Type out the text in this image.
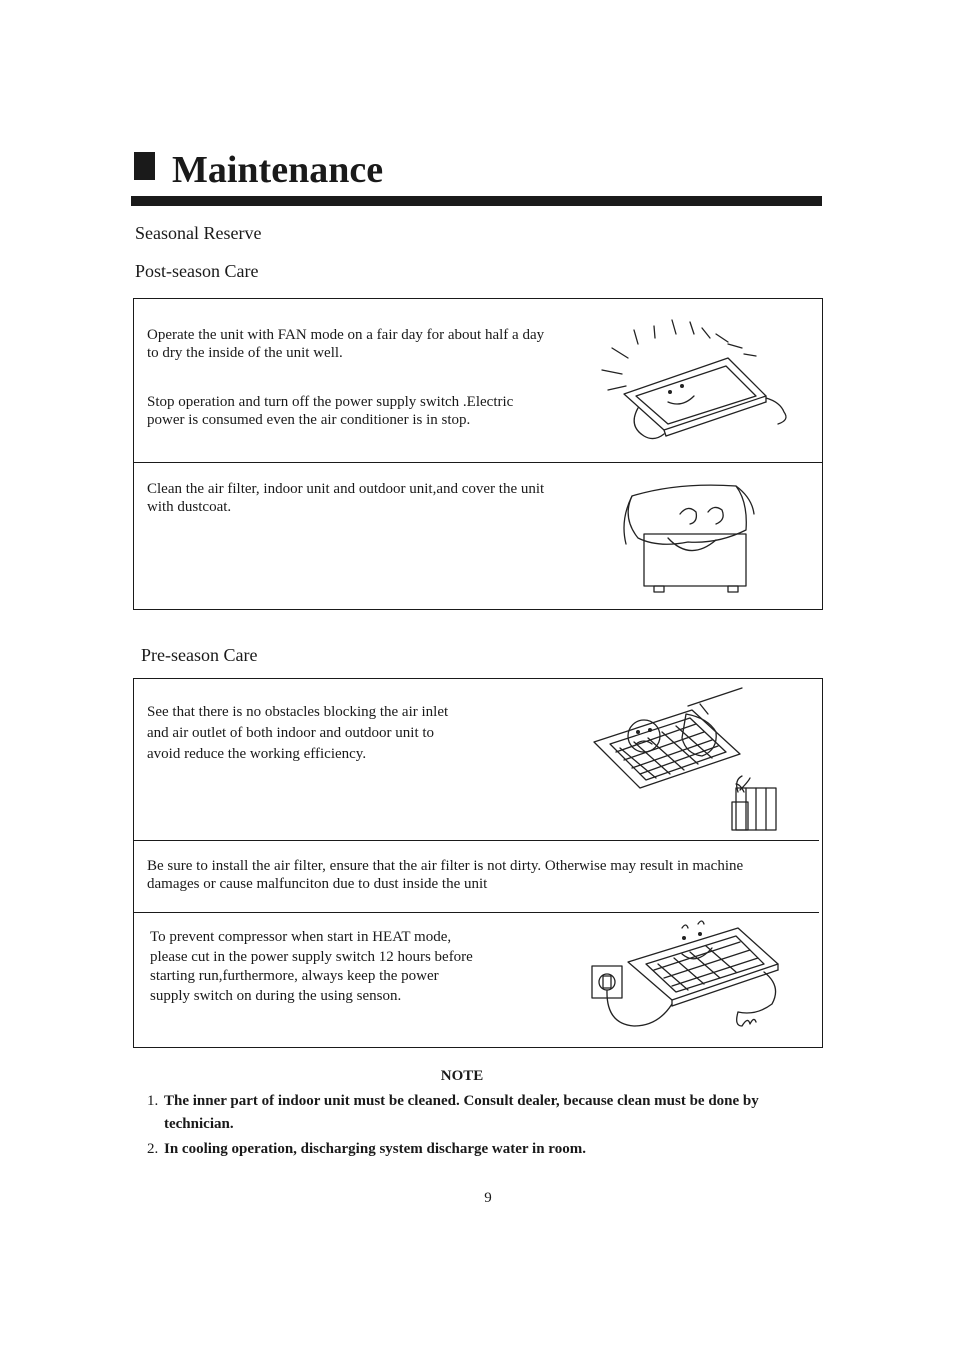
Maintenance
Seasonal Reserve
Post-season Care

Operate the unit with FAN mode on a fair day for about half a day to dry the inside of the unit well.

Stop operation and turn off the power supply switch .Electric power is consumed even the air conditioner is in stop.

Clean the air filter, indoor unit and outdoor unit,and cover the unit with dustcoat.

Pre-season Care
See that there is no obstacles blocking the air inlet and air outlet of both indoor and outdoor unit to avoid reduce the working efficiency.
Be sure to install the air filter, ensure that the air filter is not dirty. Otherwise may result in machine damages or cause malfunciton due to dust inside the unit
To prevent compressor when start in HEAT mode, please cut in the power supply switch 12 hours before starting run,furthermore, always keep the power supply switch on during the using senson.
NOTE
1. The inner part of indoor unit must be cleaned. Consult dealer, because clean must be done by technician.
2. In cooling operation, discharging system discharge water in room.
9
